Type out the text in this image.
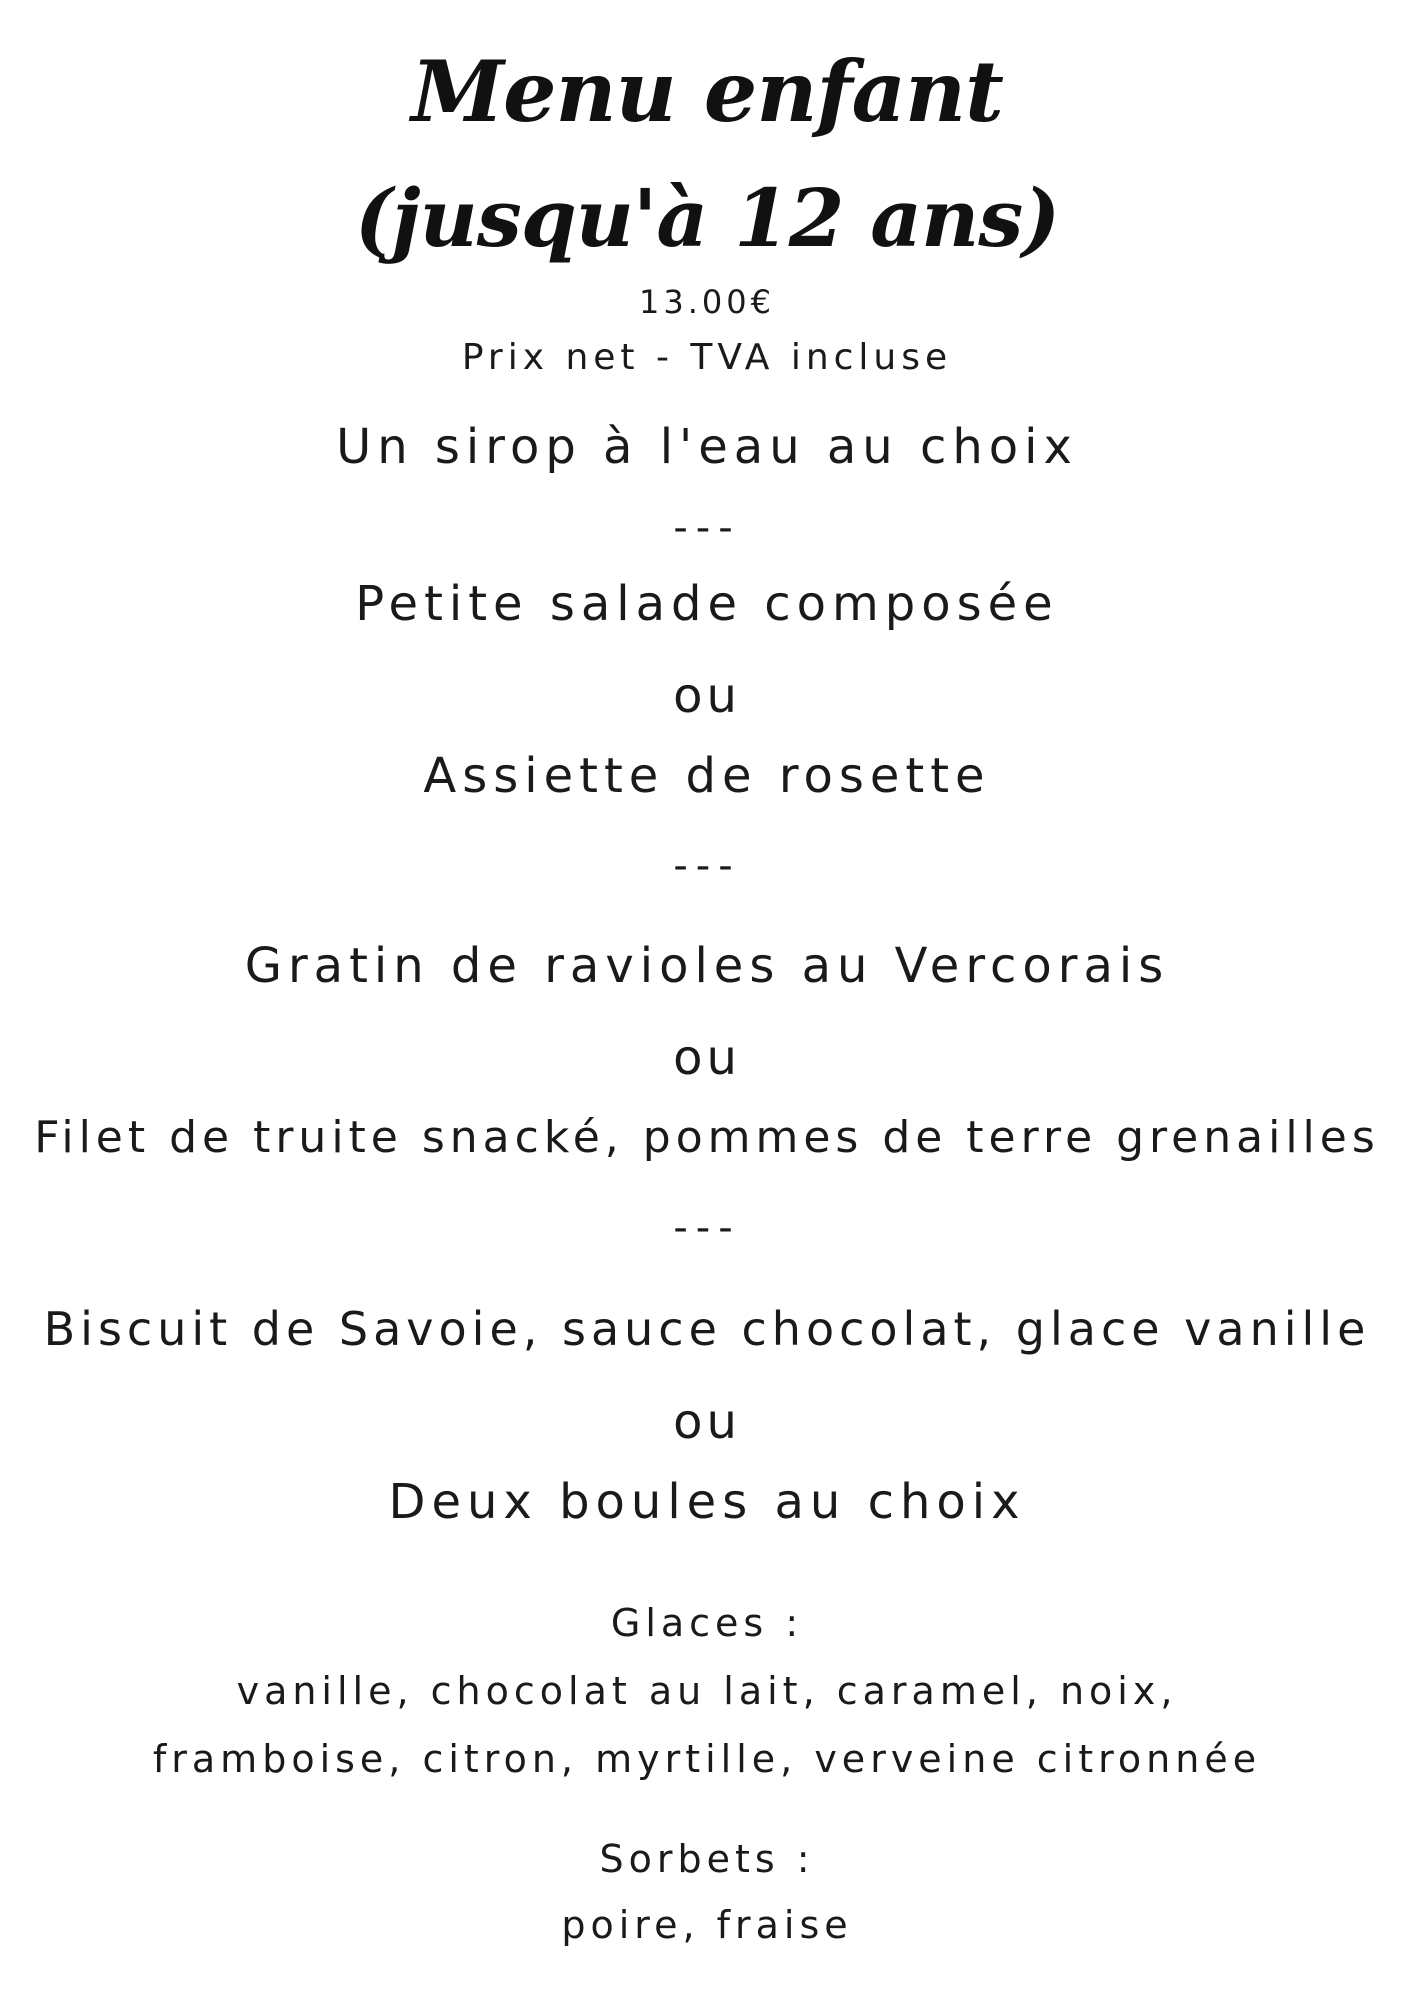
Menu enfant
(jusqu'à 12 ans)
13.00€
Prix net - TVA incluse
Un sirop à l'eau au choix
---
Petite salade composée
ou
Assiette de rosette
---
Gratin de ravioles au Vercorais
ou
Filet de truite snacké, pommes de terre grenailles
---
Biscuit de Savoie, sauce chocolat, glace vanille
ou
Deux boules au choix
Glaces :
vanille, chocolat au lait, caramel, noix,
framboise, citron, myrtille, verveine citronnée
Sorbets :
poire, fraise
